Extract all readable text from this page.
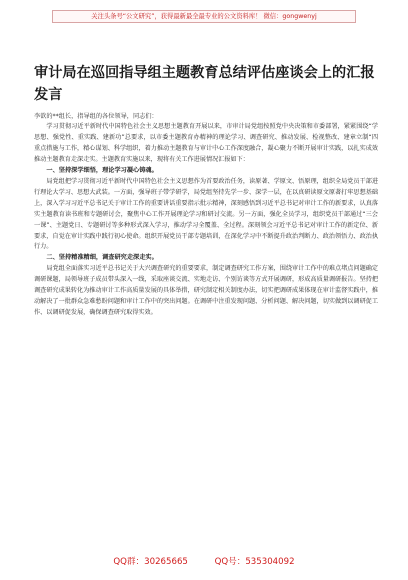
关注头条号“公文研究”，获得最新最全最专业的公文资料库！ 微信：gongwenyj
审计局在巡回指导组主题教育总结评估座谈会上的汇报发言

李欲的**组长，指导组的各位领导，同志们：

学习贯彻习近平新时代中国特色社会主义思想主题教育开展以来，市审计局党组按照党中央决策和市委部署，紧紧围绕“学思想、强党性、重实践、建新功”总要求，以市委主题教育办精神的理论学习、调查研究、推动发展、检视整改、建章立制“四重点措施与工作，精心谋划、科学组织，着力推动主题教育与审计中心工作深度融合，凝心聚力不断开展审计实践，以扎实成效推动主题教育走深走实。主题教育实施以来，现将有关工作进展情况汇报如下：

一、坚持深学细悟，理论学习凝心铸魂。

局党组把学习贯彻习近平新时代中国特色社会主义思想作为首要政治任务，读原著、学原文、悟原理，组织全局党员干部进行理论大学习、思想大武装。一方面，强导班子带学研学，局党组坚持先学一步、深学一层，在以真研读原文原著打牢思想基础上，深入学习习近平总书记关于审计工作的重要讲话重要指示批示精神，深刻感悟到习近平总书记对审计工作的新要求，认真落实主题教育读书班和专题研讨会，聚焦中心工作开展理论学习和研讨交流。另一方面，强化全员学习，组织党员干部通过“三会一课”、主题党日、专题研讨等多种形式深入学习，推动学习全覆盖、全过程。深刻领会习近平总书记对审计工作的新定位、新要求，自觉在审计实践中践行初心使命。组织开展党员干部专题培训，在深化学习中不断提升政治判断力、政治领悟力、政治执行力。

二、坚持精准精细，调查研究走深走实。

局党组全面落实习近平总书记关于大兴调查研究的重要要求，制定调查研究工作方案，围绕审计工作中的难点堵点问题确定调研课题，局领导班子成员带头深入一线，采取座谈交流、实地走访、个别访谈等方式开展调研，形成高质量调研报告。坚持把调查研究成果转化为推动审计工作高质量发展的具体举措，研究制定相关制度办法，切实把调研成果体现在审计监督实践中，推动解决了一批群众急难愁盼问题和审计工作中的突出问题。在调研中注重发现问题、分析问题、解决问题，切实做到以调研促工作、以调研促发展，确保调查研究取得实效。

QQ群：30265665	QQ号：535304092
